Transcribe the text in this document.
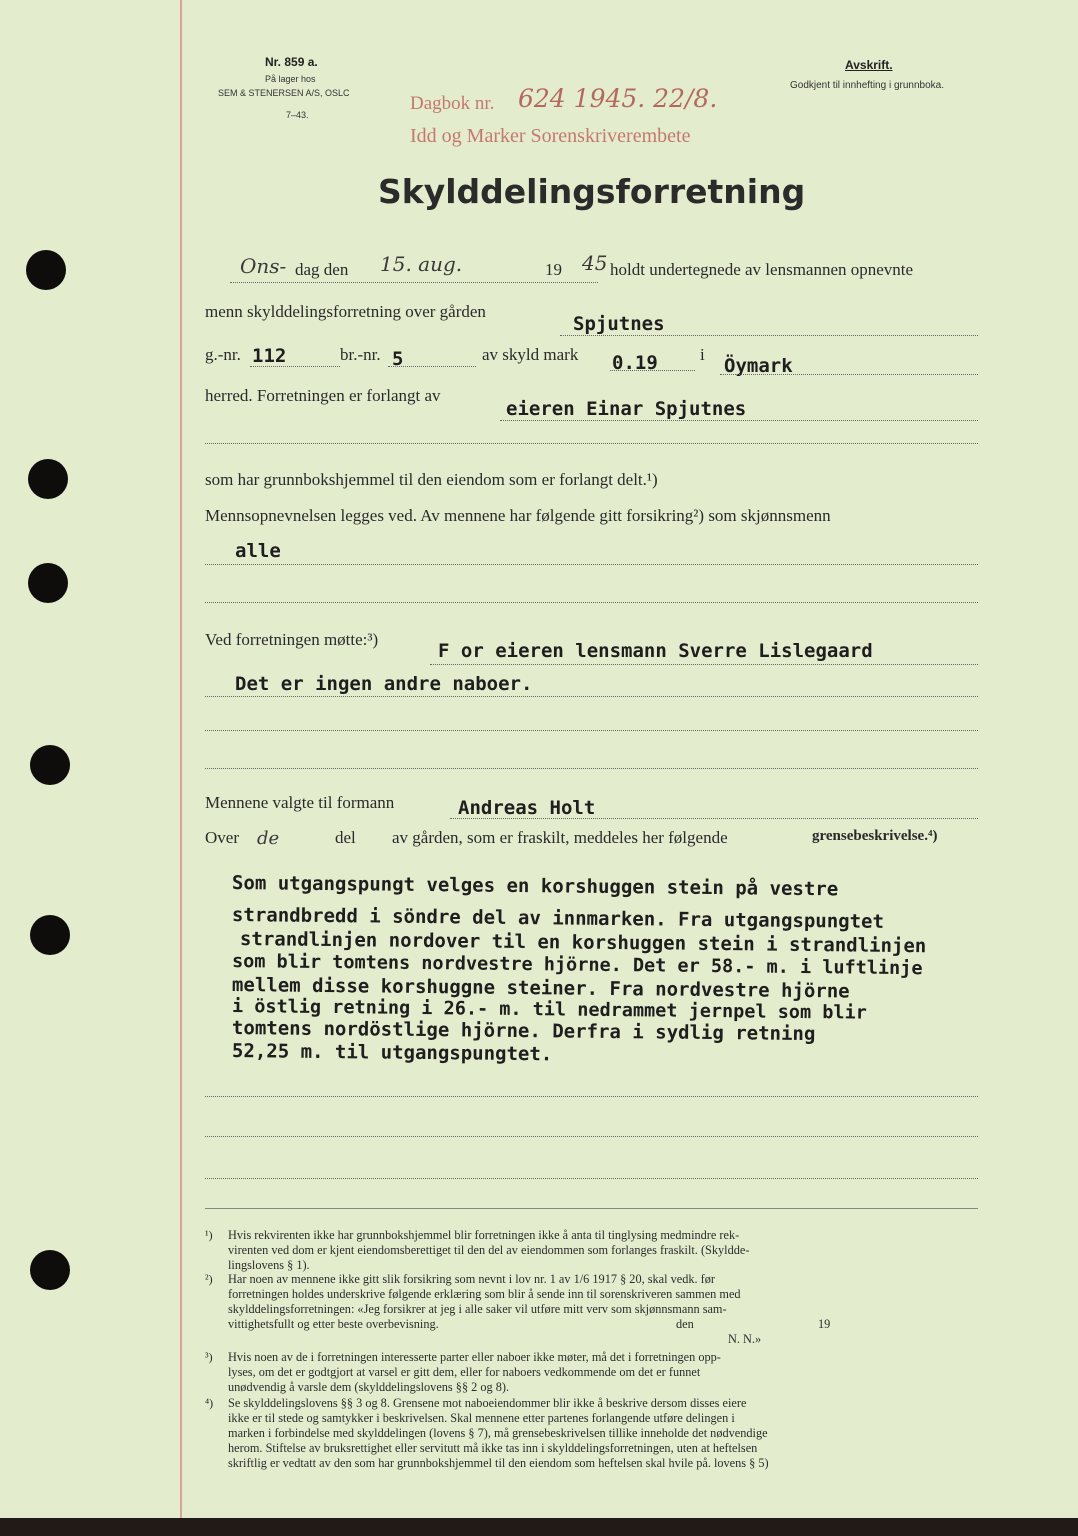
Nr. 859 a.
På lager hos
SEM & STENERSEN A/S, OSLC
7–43.
Avskrift.
Godkjent til innhefting i grunnboka.
Dagbok nr. 624 1945. 22/8.
Idd og Marker Sorenskriverembete
Skylddelingsforretning
Ons- dag den 15. aug.	19 45 holdt undertegnede av lensmannen opnevnte
menn skylddelingsforretning over gården
Spjutnes
g.-nr. 112	br.-nr. 5	av skyld mark 0.19 i
Öymark
herred. Forretningen er forlangt av
eieren Einar Spjutnes
som har grunnbokshjemmel til den eiendom som er forlangt delt.¹)
Mennsopnevnelsen legges ved. Av mennene har følgende gitt forsikring²) som skjønnsmenn
alle
Ved forretningen møtte:³)
F or eieren lensmann Sverre Lislegaard
Det er ingen andre naboer.
Mennene valgte til formann	Andreas Holt
Over de	del av gården, som er fraskilt, meddeles her følgende	grensebeskrivelse.⁴)
Som utgangspungt velges en korshuggen stein på vestre
strandbredd i söndre del av innmarken. Fra utgangspungtet
strandlinjen nordover til en korshuggen stein i strandlinjen
som blir tomtens nordvestre hjörne. Det er 58.- m. i luftlinje
mellem disse korshuggne steiner. Fra nordvestre hjörne
i östlig retning i 26.- m. til nedrammet jernpel som blir
tomtens nordöstlige hjörne. Derfra i sydlig retning
52,25 m. til utgangspungtet.
¹) Hvis rekvirenten ikke har grunnbokshjemmel blir forretningen ikke å anta til tinglysing medmindre rek-
virenten ved dom er kjent eiendomsberettiget til den del av eiendommen som forlanges fraskilt. (Skyldde-
lingslovens § 1).
²) Har noen av mennene ikke gitt slik forsikring som nevnt i lov nr. 1 av 1/6 1917 § 20, skal vedk. før
forretningen holdes underskrive følgende erklæring som blir å sende inn til sorenskriveren sammen med
skylddelingsforretningen: «Jeg forsikrer at jeg i alle saker vil utføre mitt verv som skjønnsmann sam-
vittighetsfullt og etter beste overbevisning.	den	19
N. N.»
³) Hvis noen av de i forretningen interesserte parter eller naboer ikke møter, må det i forretningen opp-
lyses, om det er godtgjort at varsel er gitt dem, eller for naboers vedkommende om det er funnet
unødvendig å varsle dem (skylddelingslovens §§ 2 og 8).
⁴) Se skylddelingslovens §§ 3 og 8. Grensene mot naboeiendommer blir ikke å beskrive dersom disses eiere
ikke er til stede og samtykker i beskrivelsen. Skal mennene etter partenes forlangende utføre delingen i
marken i forbindelse med skylddelingen (lovens § 7), må grensebeskrivelsen tillike inneholde det nødvendige
herom. Stiftelse av bruksrettighet eller servitutt må ikke tas inn i skylddelingsforretningen, uten at heftelsen
skriftlig er vedtatt av den som har grunnbokshjemmel til den eiendom som heftelsen skal hvile på. lovens § 5)
